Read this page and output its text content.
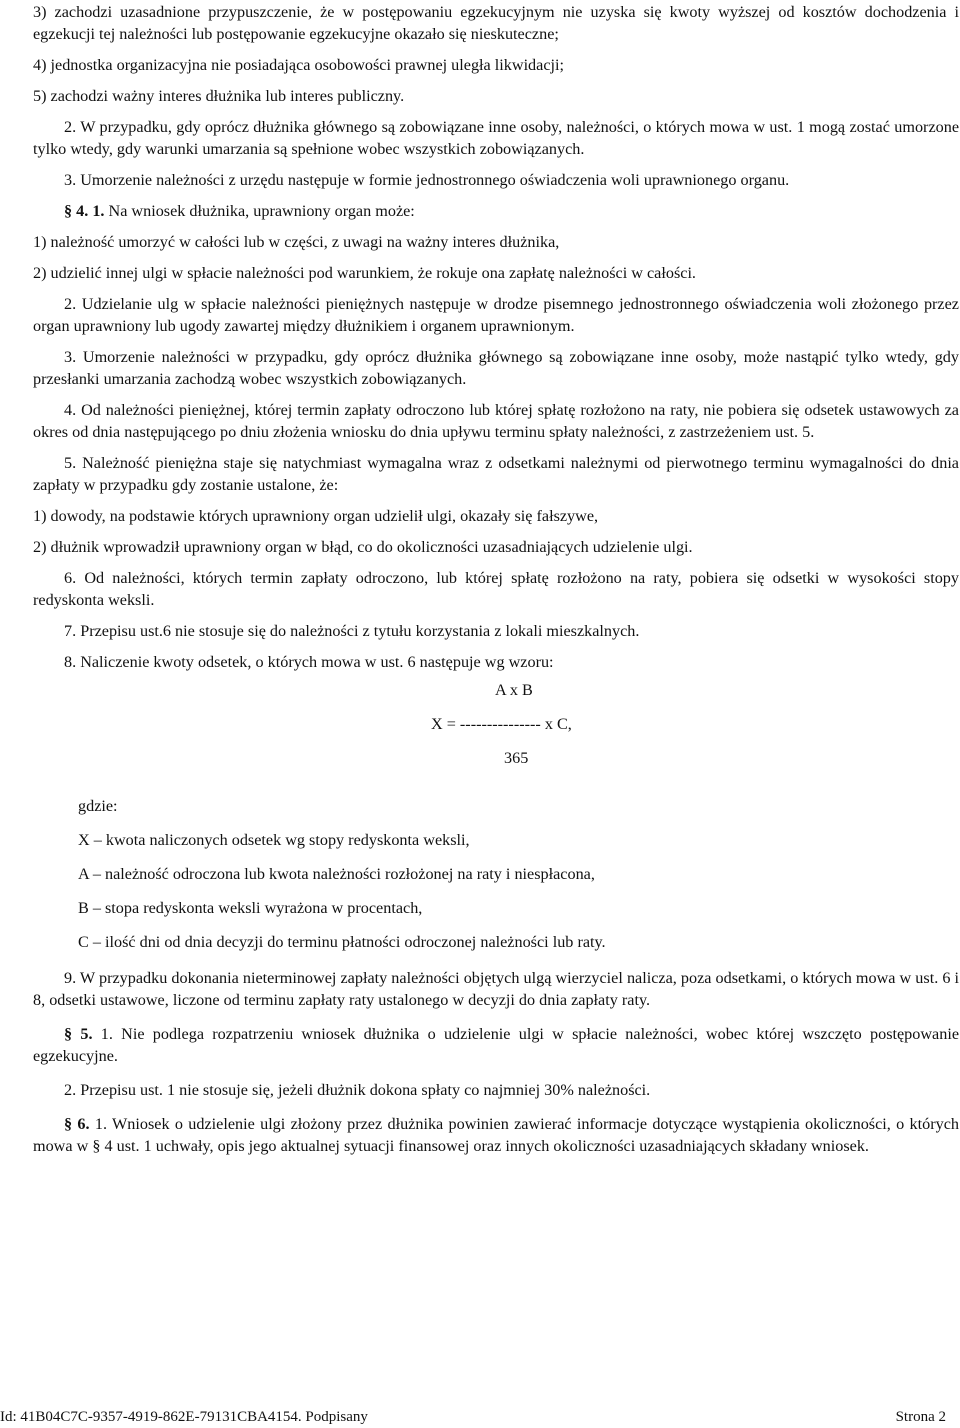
3) zachodzi uzasadnione przypuszczenie, że w postępowaniu egzekucyjnym nie uzyska się kwoty wyższej od kosztów dochodzenia i egzekucji tej należności lub postępowanie egzekucyjne okazało się nieskuteczne;

4) jednostka organizacyjna nie posiadająca osobowości prawnej uległa likwidacji;

5) zachodzi ważny interes dłużnika lub interes publiczny.

2. W przypadku, gdy oprócz dłużnika głównego są zobowiązane inne osoby, należności, o których mowa w ust. 1 mogą zostać umorzone tylko wtedy, gdy warunki umarzania są spełnione wobec wszystkich zobowiązanych.

3. Umorzenie należności z urzędu następuje w formie jednostronnego oświadczenia woli uprawnionego organu.

§ 4. 1. Na wniosek dłużnika, uprawniony organ może:

1) należność umorzyć w całości lub w części, z uwagi na ważny interes dłużnika,

2) udzielić innej ulgi w spłacie należności pod warunkiem, że rokuje ona zapłatę należności w całości.

2. Udzielanie ulg w spłacie należności pieniężnych następuje w drodze pisemnego jednostronnego oświadczenia woli złożonego przez organ uprawniony lub ugody zawartej między dłużnikiem i organem uprawnionym.

3. Umorzenie należności w przypadku, gdy oprócz dłużnika głównego są zobowiązane inne osoby, może nastąpić tylko wtedy, gdy przesłanki umarzania zachodzą wobec wszystkich zobowiązanych.

4. Od należności pieniężnej, której termin zapłaty odroczono lub której spłatę rozłożono na raty, nie pobiera się odsetek ustawowych za okres od dnia następującego po dniu złożenia wniosku do dnia upływu terminu spłaty należności, z zastrzeżeniem ust. 5.

5. Należność pieniężna staje się natychmiast wymagalna wraz z odsetkami należnymi od pierwotnego terminu wymagalności do dnia zapłaty w przypadku gdy zostanie ustalone, że:

1) dowody, na podstawie których uprawniony organ udzielił ulgi, okazały się fałszywe,

2) dłużnik wprowadził uprawniony organ w błąd, co do okoliczności uzasadniających udzielenie ulgi.

6. Od należności, których termin zapłaty odroczono, lub której spłatę rozłożono na raty, pobiera się odsetki w wysokości stopy redyskonta weksli.

7. Przepisu ust.6 nie stosuje się do należności z tytułu korzystania z lokali mieszkalnych.

8. Naliczenie kwoty odsetek, o których mowa w ust. 6 następuje wg wzoru:

A x B
X = --------------- x C,
365

gdzie:

X – kwota naliczonych odsetek wg stopy redyskonta weksli,

A – należność odroczona lub kwota należności rozłożonej na raty i niespłacona,

B – stopa redyskonta weksli wyrażona w procentach,

C – ilość dni od dnia decyzji do terminu płatności odroczonej należności lub raty.

9. W przypadku dokonania nieterminowej zapłaty należności objętych ulgą wierzyciel nalicza, poza odsetkami, o których mowa w ust. 6 i 8, odsetki ustawowe, liczone od terminu zapłaty raty ustalonego w decyzji do dnia zapłaty raty.

§ 5. 1. Nie podlega rozpatrzeniu wniosek dłużnika o udzielenie ulgi w spłacie należności, wobec której wszczęto postępowanie egzekucyjne.

2. Przepisu ust. 1 nie stosuje się, jeżeli dłużnik dokona spłaty co najmniej 30% należności.

§ 6. 1. Wniosek o udzielenie ulgi złożony przez dłużnika powinien zawierać informacje dotyczące wystąpienia okoliczności, o których mowa w § 4 ust. 1 uchwały, opis jego aktualnej sytuacji finansowej oraz innych okoliczności uzasadniających składany wniosek.

Id: 41B04C7C-9357-4919-862E-79131CBA4154. Podpisany	Strona 2
